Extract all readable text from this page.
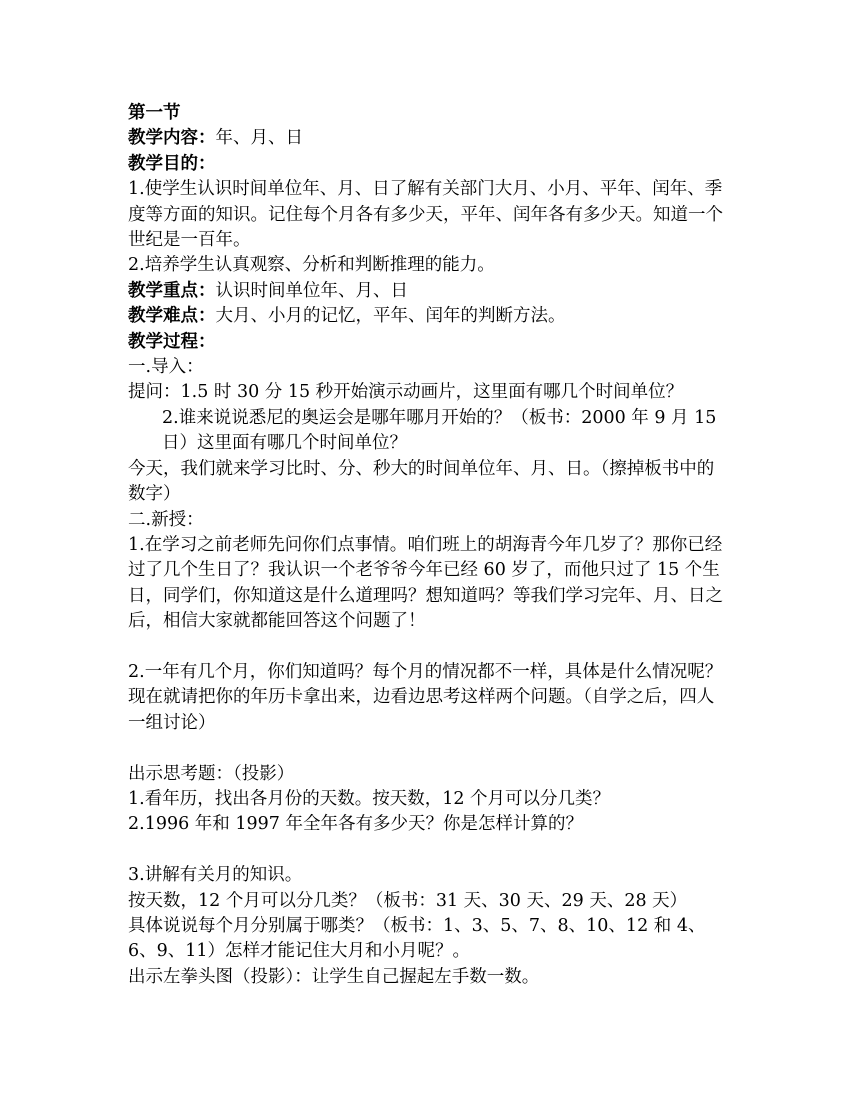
第一节

教学内容：年、月、日

教学目的：

1.使学生认识时间单位年、月、日了解有关部门大月、小月、平年、闰年、季度等方面的知识。记住每个月各有多少天，平年、闰年各有多少天。知道一个世纪是一百年。

2.培养学生认真观察、分析和判断推理的能力。

教学重点：认识时间单位年、月、日

教学难点：大月、小月的记忆，平年、闰年的判断方法。

教学过程：

一.导入：

提问：1.5 时 30 分 15 秒开始演示动画片，这里面有哪几个时间单位？

2.谁来说说悉尼的奥运会是哪年哪月开始的？（板书：2000 年 9 月 15 日）这里面有哪几个时间单位？

今天，我们就来学习比时、分、秒大的时间单位年、月、日。（擦掉板书中的数字）

二.新授：

1.在学习之前老师先问你们点事情。咱们班上的胡海青今年几岁了？那你已经过了几个生日了？我认识一个老爷爷今年已经 60 岁了，而他只过了 15 个生日，同学们，你知道这是什么道理吗？想知道吗？等我们学习完年、月、日之后，相信大家就都能回答这个问题了！

2.一年有几个月，你们知道吗？每个月的情况都不一样，具体是什么情况呢？现在就请把你的年历卡拿出来，边看边思考这样两个问题。（自学之后，四人一组讨论）

出示思考题：（投影）

1.看年历，找出各月份的天数。按天数，12 个月可以分几类？

2.1996 年和 1997 年全年各有多少天？你是怎样计算的？

3.讲解有关月的知识。

按天数，12 个月可以分几类？（板书：31 天、30 天、29 天、28 天）

具体说说每个月分别属于哪类？（板书：1、3、5、7、8、10、12 和 4、6、9、11）怎样才能记住大月和小月呢？。

出示左拳头图（投影）：让学生自己握起左手数一数。
